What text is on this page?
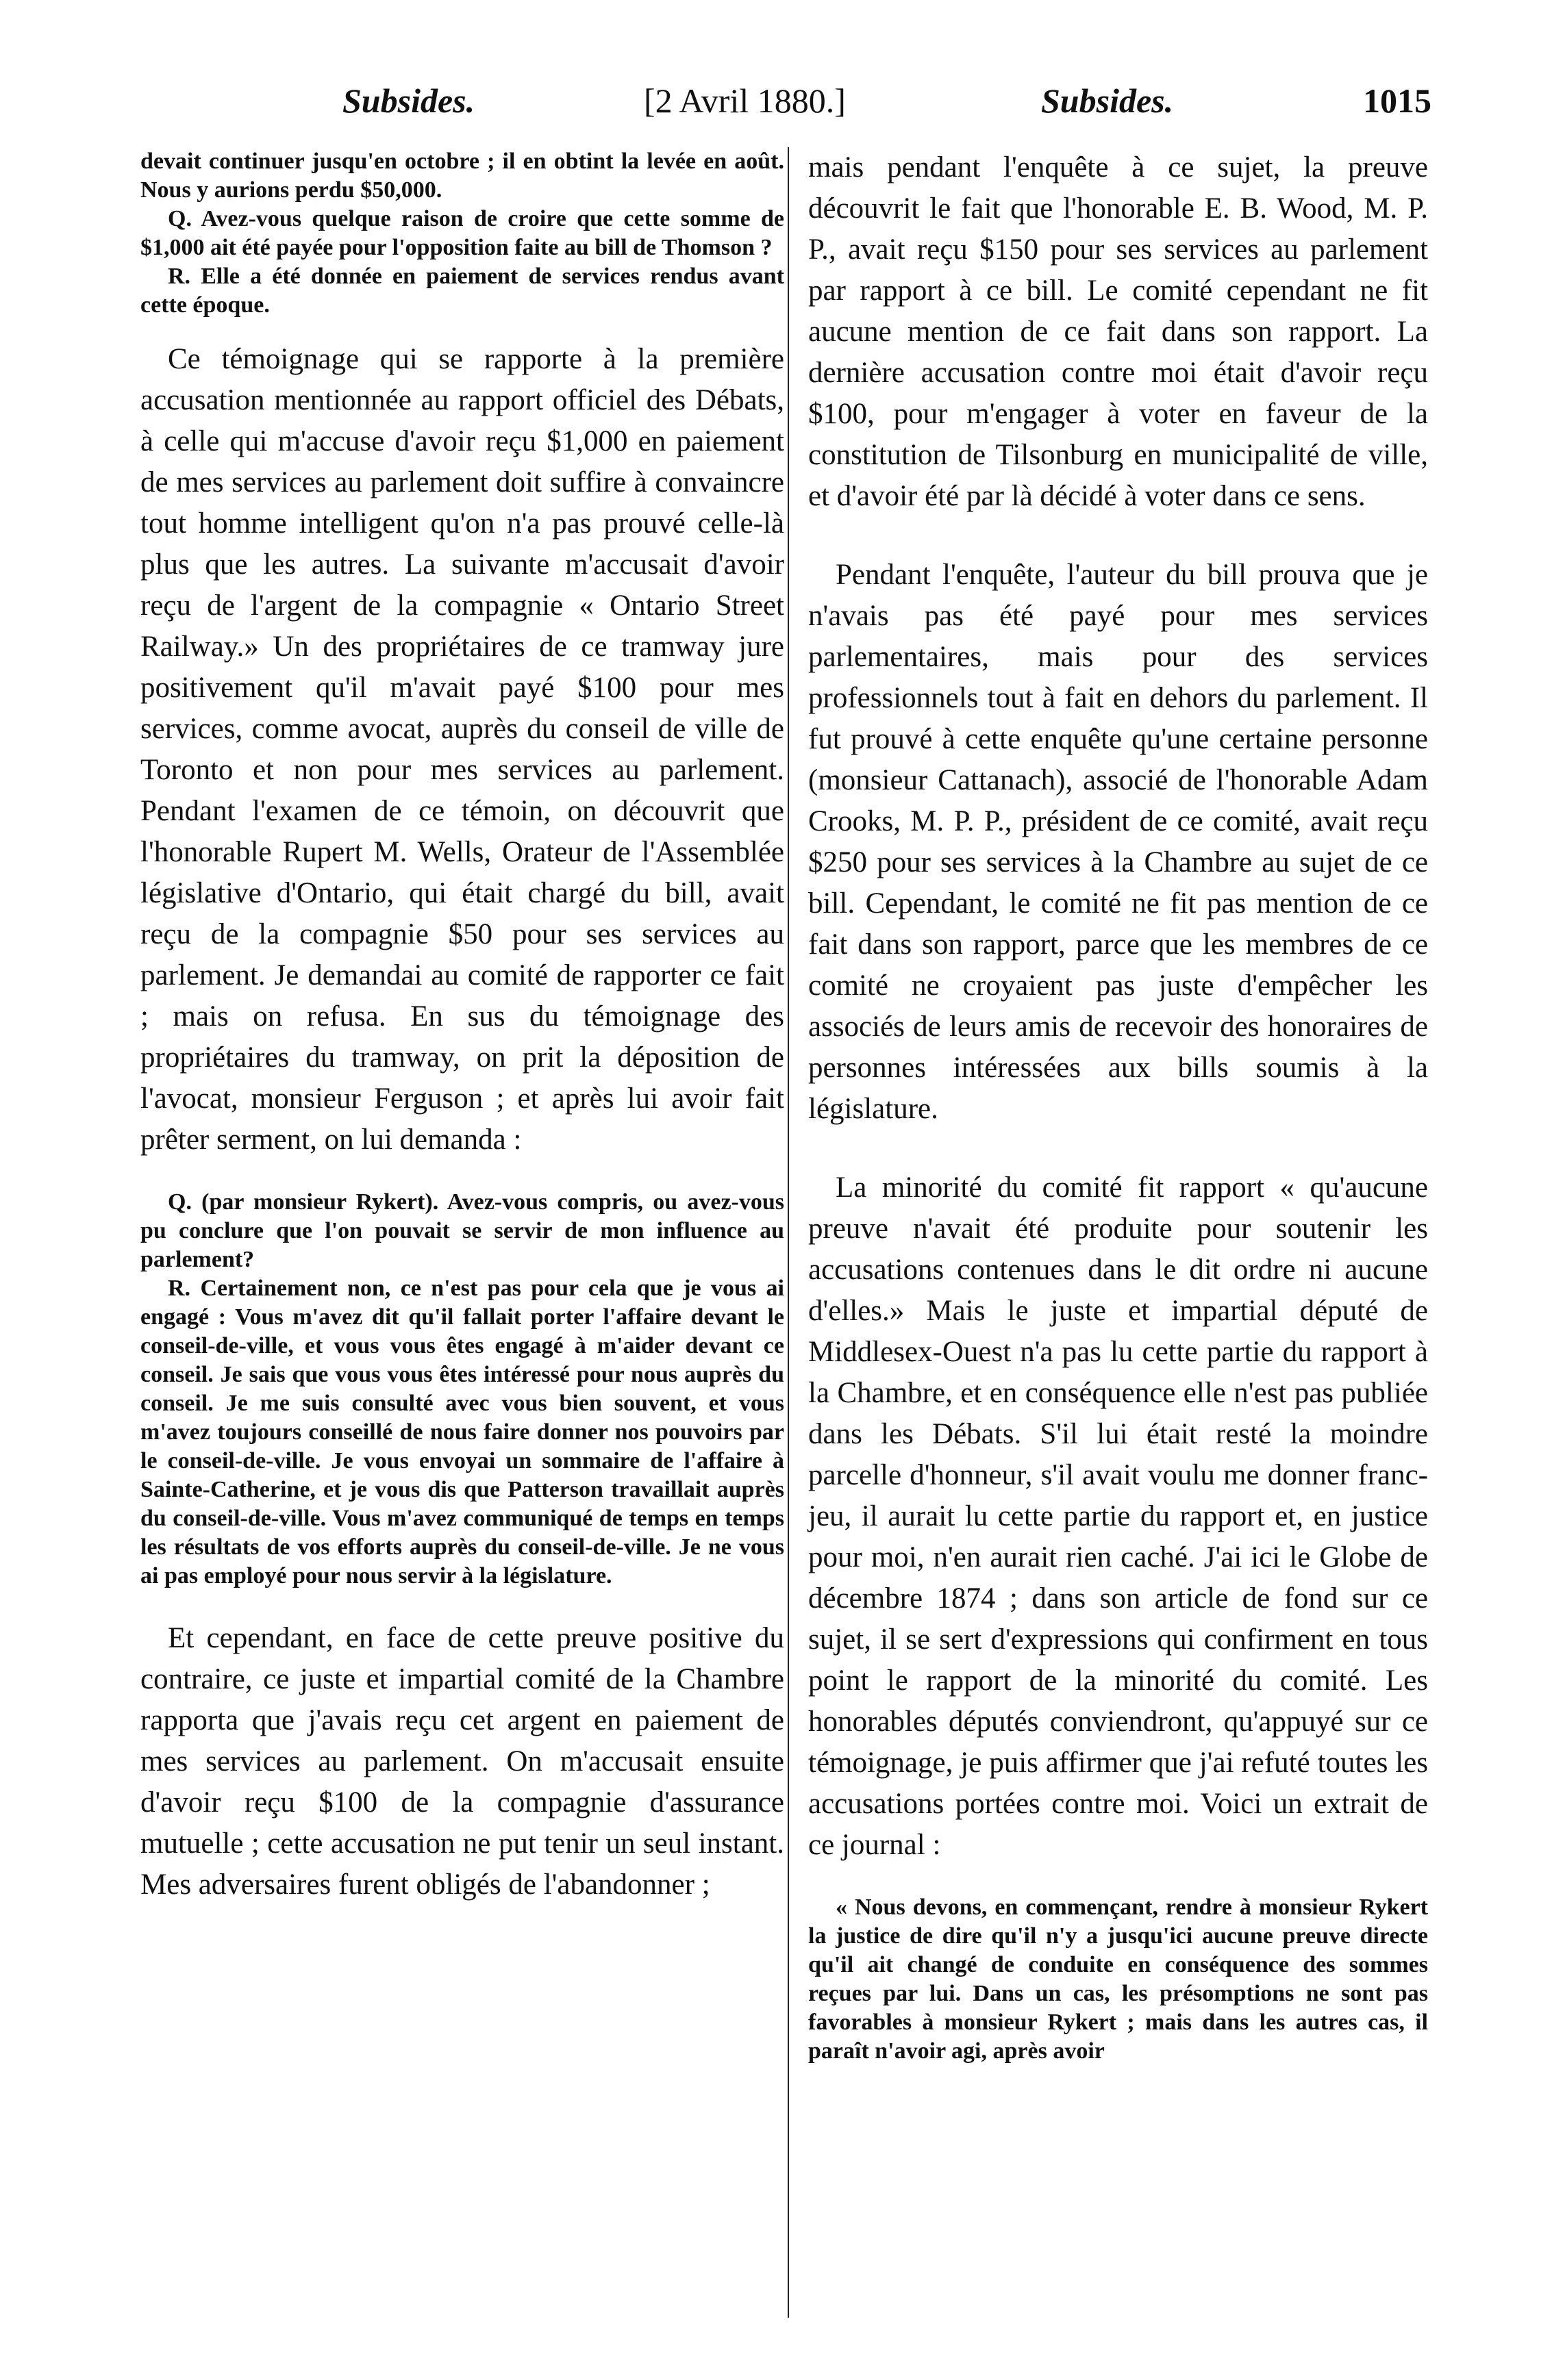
Subsides.	[2 Avril 1880.]	Subsides.	1015

devait continuer jusqu'en octobre ; il en obtint la levée en août. Nous y aurions perdu $50,000.

Q. Avez-vous quelque raison de croire que cette somme de $1,000 ait été payée pour l'opposition faite au bill de Thomson ?

R. Elle a été donnée en paiement de services rendus avant cette époque.

Ce témoignage qui se rapporte à la première accusation mentionnée au rapport officiel des Débats, à celle qui m'accuse d'avoir reçu $1,000 en paiement de mes services au parlement doit suffire à convaincre tout homme intelligent qu'on n'a pas prouvé celle-là plus que les autres. La suivante m'accusait d'avoir reçu de l'argent de la compagnie « Ontario Street Railway.» Un des propriétaires de ce tramway jure positivement qu'il m'avait payé $100 pour mes services, comme avocat, auprès du conseil de ville de Toronto et non pour mes services au parlement. Pendant l'examen de ce témoin, on découvrit que l'honorable Rupert M. Wells, Orateur de l'Assemblée législative d'Ontario, qui était chargé du bill, avait reçu de la compagnie $50 pour ses services au parlement. Je demandai au comité de rapporter ce fait ; mais on refusa. En sus du témoignage des propriétaires du tramway, on prit la déposition de l'avocat, monsieur Ferguson ; et après lui avoir fait prêter serment, on lui demanda :

Q. (par monsieur Rykert). Avez-vous compris, ou avez-vous pu conclure que l'on pouvait se servir de mon influence au parlement?

R. Certainement non, ce n'est pas pour cela que je vous ai engagé : Vous m'avez dit qu'il fallait porter l'affaire devant le conseil-de-ville, et vous vous êtes engagé à m'aider devant ce conseil. Je sais que vous vous êtes intéressé pour nous auprès du conseil. Je me suis consulté avec vous bien souvent, et vous m'avez toujours conseillé de nous faire donner nos pouvoirs par le conseil-de-ville. Je vous envoyai un sommaire de l'affaire à Sainte-Catherine, et je vous dis que Patterson travaillait auprès du conseil-de-ville. Vous m'avez communiqué de temps en temps les résultats de vos efforts auprès du conseil-de-ville. Je ne vous ai pas employé pour nous servir à la législature.

Et cependant, en face de cette preuve positive du contraire, ce juste et impartial comité de la Chambre rapporta que j'avais reçu cet argent en paiement de mes services au parlement. On m'accusait ensuite d'avoir reçu $100 de la compagnie d'assurance mutuelle ; cette accusation ne put tenir un seul instant. Mes adversaires furent obligés de l'abandonner ;

mais pendant l'enquête à ce sujet, la preuve découvrit le fait que l'honorable E. B. Wood, M. P. P., avait reçu $150 pour ses services au parlement par rapport à ce bill. Le comité cependant ne fit aucune mention de ce fait dans son rapport. La dernière accusation contre moi était d'avoir reçu $100, pour m'engager à voter en faveur de la constitution de Tilsonburg en municipalité de ville, et d'avoir été par là décidé à voter dans ce sens.

Pendant l'enquête, l'auteur du bill prouva que je n'avais pas été payé pour mes services parlementaires, mais pour des services professionnels tout à fait en dehors du parlement. Il fut prouvé à cette enquête qu'une certaine personne (monsieur Cattanach), associé de l'honorable Adam Crooks, M. P. P., président de ce comité, avait reçu $250 pour ses services à la Chambre au sujet de ce bill. Cependant, le comité ne fit pas mention de ce fait dans son rapport, parce que les membres de ce comité ne croyaient pas juste d'empêcher les associés de leurs amis de recevoir des honoraires de personnes intéressées aux bills soumis à la législature.

La minorité du comité fit rapport « qu'aucune preuve n'avait été produite pour soutenir les accusations contenues dans le dit ordre ni aucune d'elles.» Mais le juste et impartial député de Middlesex-Ouest n'a pas lu cette partie du rapport à la Chambre, et en conséquence elle n'est pas publiée dans les Débats. S'il lui était resté la moindre parcelle d'honneur, s'il avait voulu me donner franc-jeu, il aurait lu cette partie du rapport et, en justice pour moi, n'en aurait rien caché. J'ai ici le Globe de décembre 1874 ; dans son article de fond sur ce sujet, il se sert d'expressions qui confirment en tous point le rapport de la minorité du comité. Les honorables députés conviendront, qu'appuyé sur ce témoignage, je puis affirmer que j'ai refuté toutes les accusations portées contre moi. Voici un extrait de ce journal :

« Nous devons, en commençant, rendre à monsieur Rykert la justice de dire qu'il n'y a jusqu'ici aucune preuve directe qu'il ait changé de conduite en conséquence des sommes reçues par lui. Dans un cas, les présomptions ne sont pas favorables à monsieur Rykert ; mais dans les autres cas, il paraît n'avoir agi, après avoir
